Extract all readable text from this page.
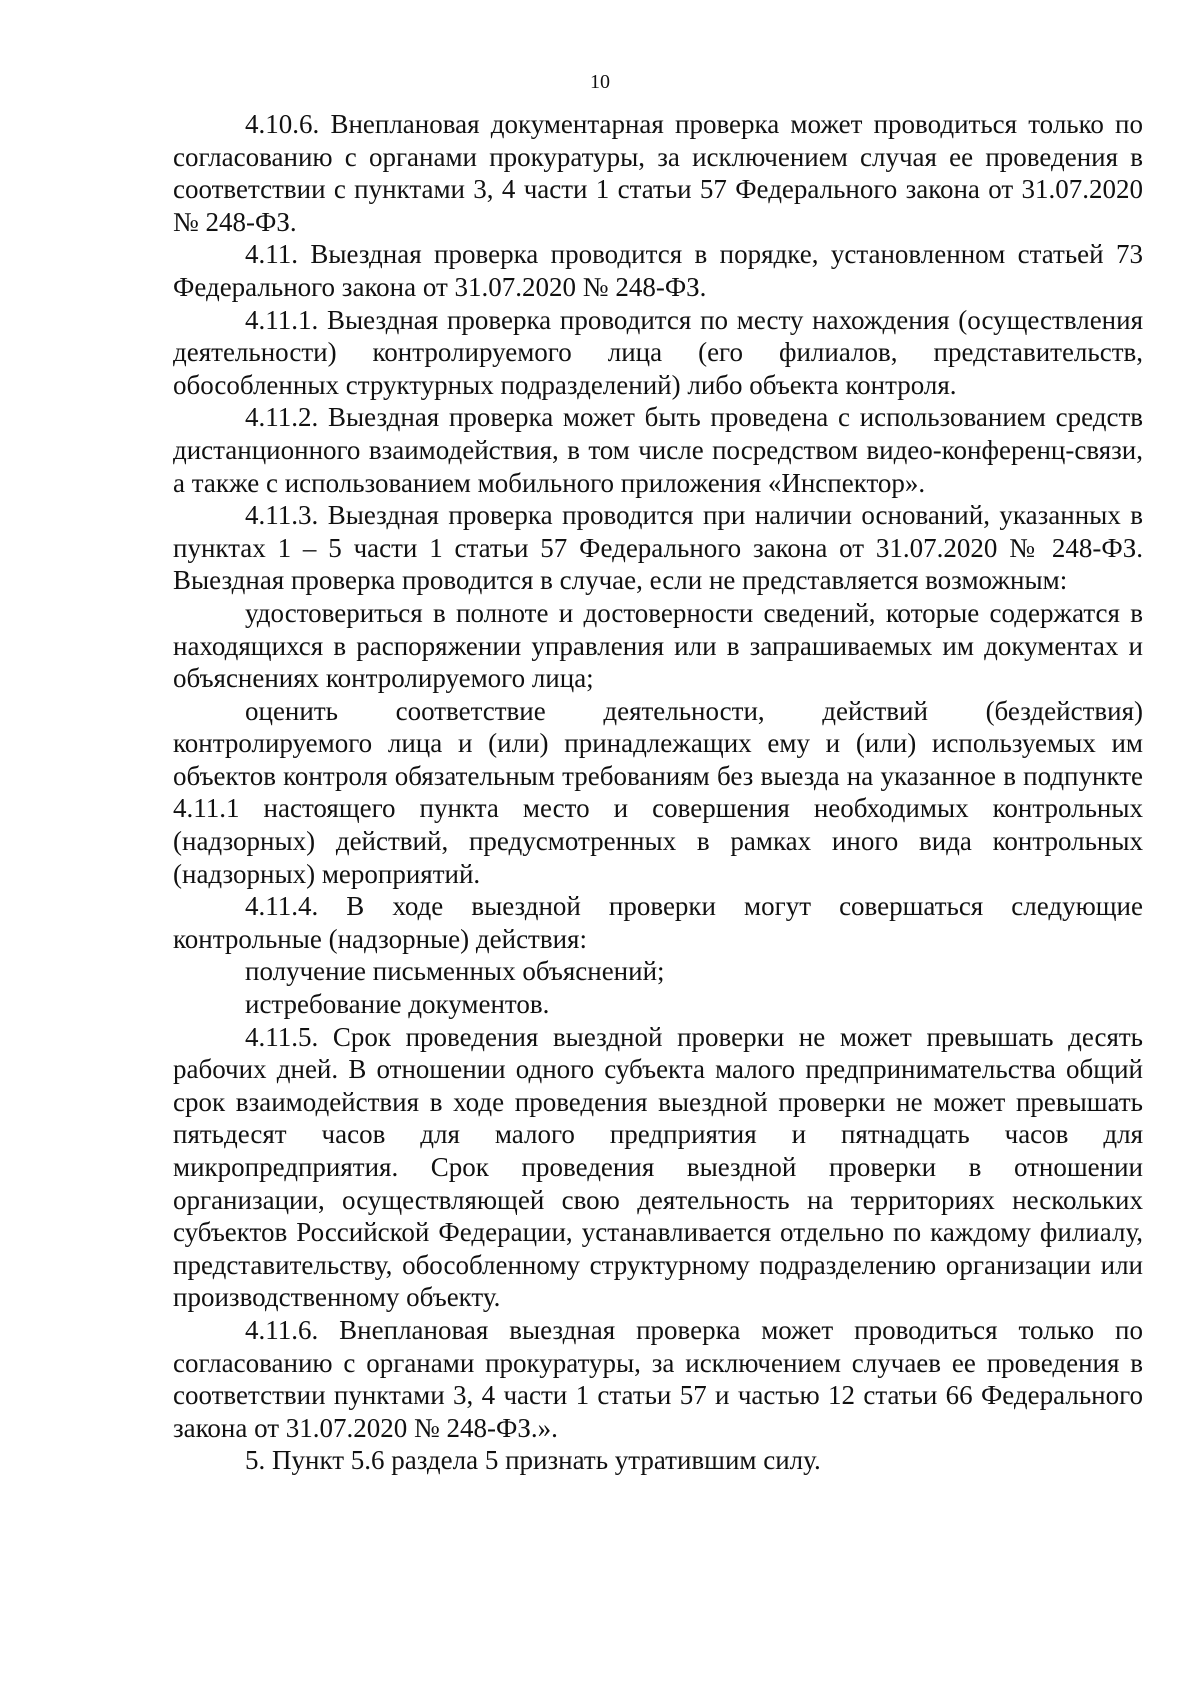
10

4.10.6. Внеплановая документарная проверка может проводиться только по согласованию с органами прокуратуры, за исключением случая ее проведения в соответствии с пунктами 3, 4 части 1 статьи 57 Федерального закона от 31.07.2020 № 248-ФЗ.

4.11. Выездная проверка проводится в порядке, установленном статьей 73 Федерального закона от 31.07.2020 № 248-ФЗ.

4.11.1. Выездная проверка проводится по месту нахождения (осуществления деятельности) контролируемого лица (его филиалов, представительств, обособленных структурных подразделений) либо объекта контроля.

4.11.2. Выездная проверка может быть проведена с использованием средств дистанционного взаимодействия, в том числе посредством видео-конференц-связи, а также с использованием мобильного приложения «Инспектор».

4.11.3. Выездная проверка проводится при наличии оснований, указанных в пунктах 1 – 5 части 1 статьи 57 Федерального закона от 31.07.2020 № 248-ФЗ. Выездная проверка проводится в случае, если не представляется возможным:

удостовериться в полноте и достоверности сведений, которые содержатся в находящихся в распоряжении управления или в запрашиваемых им документах и объяснениях контролируемого лица;

оценить соответствие деятельности, действий (бездействия) контролируемого лица и (или) принадлежащих ему и (или) используемых им объектов контроля обязательным требованиям без выезда на указанное в подпункте 4.11.1 настоящего пункта место и совершения необходимых контрольных (надзорных) действий, предусмотренных в рамках иного вида контрольных (надзорных) мероприятий.

4.11.4. В ходе выездной проверки могут совершаться следующие контрольные (надзорные) действия:

получение письменных объяснений;

истребование документов.

4.11.5. Срок проведения выездной проверки не может превышать десять рабочих дней. В отношении одного субъекта малого предпринимательства общий срок взаимодействия в ходе проведения выездной проверки не может превышать пятьдесят часов для малого предприятия и пятнадцать часов для микропредприятия. Срок проведения выездной проверки в отношении организации, осуществляющей свою деятельность на территориях нескольких субъектов Российской Федерации, устанавливается отдельно по каждому филиалу, представительству, обособленному структурному подразделению организации или производственному объекту.

4.11.6. Внеплановая выездная проверка может проводиться только по согласованию с органами прокуратуры, за исключением случаев ее проведения в соответствии пунктами 3, 4 части 1 статьи 57 и частью 12 статьи 66 Федерального закона от 31.07.2020 № 248-ФЗ.».

5. Пункт 5.6 раздела 5 признать утратившим силу.
